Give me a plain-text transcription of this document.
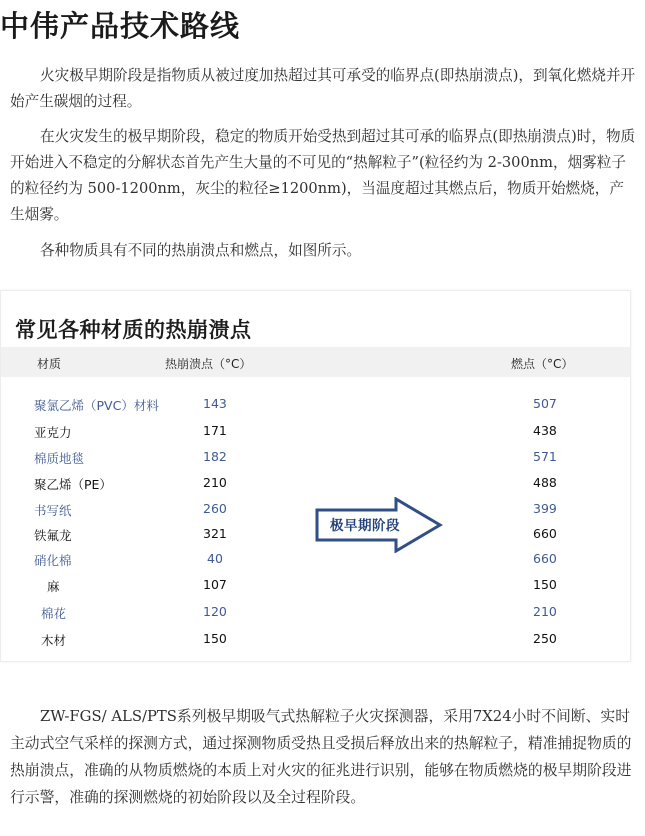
中伟产品技术路线

火灾极早期阶段是指物质从被过度加热超过其可承受的临界点(即热崩溃点)，到氧化燃烧并开始产生碳烟的过程。

在火灾发生的极早期阶段，稳定的物质开始受热到超过其可承的临界点(即热崩溃点)时，物质开始进入不稳定的分解状态首先产生大量的不可见的“热解粒子”(粒径约为 2-300nm，烟雾粒子的粒径约为 500-1200nm，灰尘的粒径≥1200nm)，当温度超过其燃点后，物质开始燃烧，产生烟雾。

各种物质具有不同的热崩溃点和燃点，如图所示。

常见各种材质的热崩溃点
材质	热崩溃点（°C）	燃点（°C）
聚氯乙烯（PVC）材料	143	507
亚克力	171	438
棉质地毯	182	571
聚乙烯（PE）	210	488
书写纸	260	399
铁氟龙	321	660
硝化棉	40	660
麻	107	150
棉花	120	210
木材	150	250
极早期阶段

ZW-FGS/ ALS/PTS系列极早期吸气式热解粒子火灾探测器，采用7X24小时不间断、实时主动式空气采样的探测方式，通过探测物质受热且受损后释放出来的热解粒子，精准捕捉物质的热崩溃点，准确的从物质燃烧的本质上对火灾的征兆进行识别，能够在物质燃烧的极早期阶段进行示警，准确的探测燃烧的初始阶段以及全过程阶段。
